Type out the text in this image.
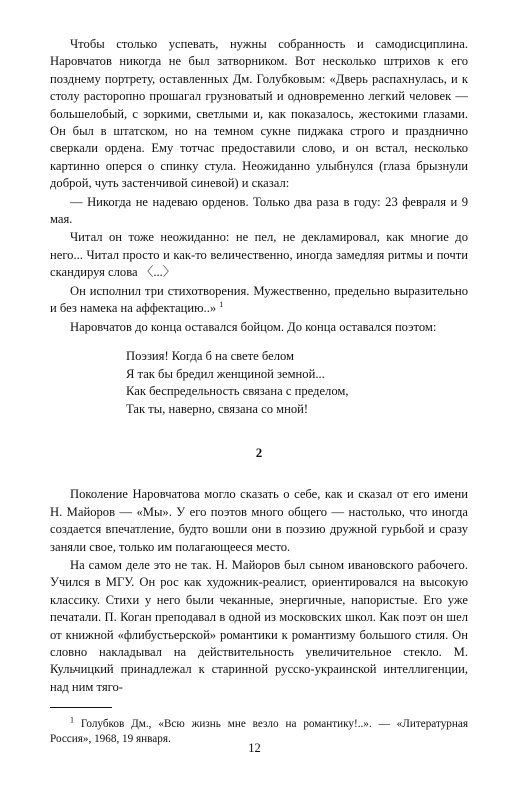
Чтобы столько успевать, нужны собранность и самодисциплина. Наровчатов никогда не был затворником. Вот несколько штрихов к его позднему портрету, оставленных Дм. Голубковым: «Дверь распахнулась, и к столу расторопно прошагал грузноватый и одновременно легкий человек — большелобый, с зоркими, светлыми и, как показалось, жестокими глазами. Он был в штатском, но на темном сукне пиджака строго и празднично сверкали ордена. Ему тотчас предоставили слово, и он встал, несколько картинно оперся о спинку стула. Неожиданно улыбнулся (глаза брызнули доброй, чуть застенчивой синевой) и сказал:

— Никогда не надеваю орденов. Только два раза в году: 23 февраля и 9 мая.

Читал он тоже неожиданно: не пел, не декламировал, как многие до него... Читал просто и как-то величественно, иногда замедляя ритмы и почти скандируя слова 〈...〉

Он исполнил три стихотворения. Мужественно, предельно выразительно и без намека на аффектацию..» $^1$

Наровчатов до конца оставался бойцом. До конца оставался поэтом:

Поэзия! Когда б на свете белом
Я так бы бредил женщиной земной...
Как беспредельность связана с пределом,
Так ты, наверно, связана со мной!
2

Поколение Наровчатова могло сказать о себе, как и сказал от его имени Н. Майоров — «Мы». У его поэтов много общего — настолько, что иногда создается впечатление, будто вошли они в поэзию дружной гурьбой и сразу заняли свое, только им полагающееся место.

На самом деле это не так. Н. Майоров был сыном ивановского рабочего. Учился в МГУ. Он рос как художник-реалист, ориентировался на высокую классику. Стихи у него были чеканные, энергичные, напористые. Его уже печатали. П. Коган преподавал в одной из московских школ. Как поэт он шел от книжной «флибустьерской» романтики к романтизму большого стиля. Он словно накладывал на действительность увеличительное стекло. М. Кульчицкий принадлежал к старинной русско-украинской интеллигенции, над ним тяго-

$^1$ Голубков Дм., «Всю жизнь мне везло на романтику!..». — «Литературная Россия», 1968, 19 января.

12
